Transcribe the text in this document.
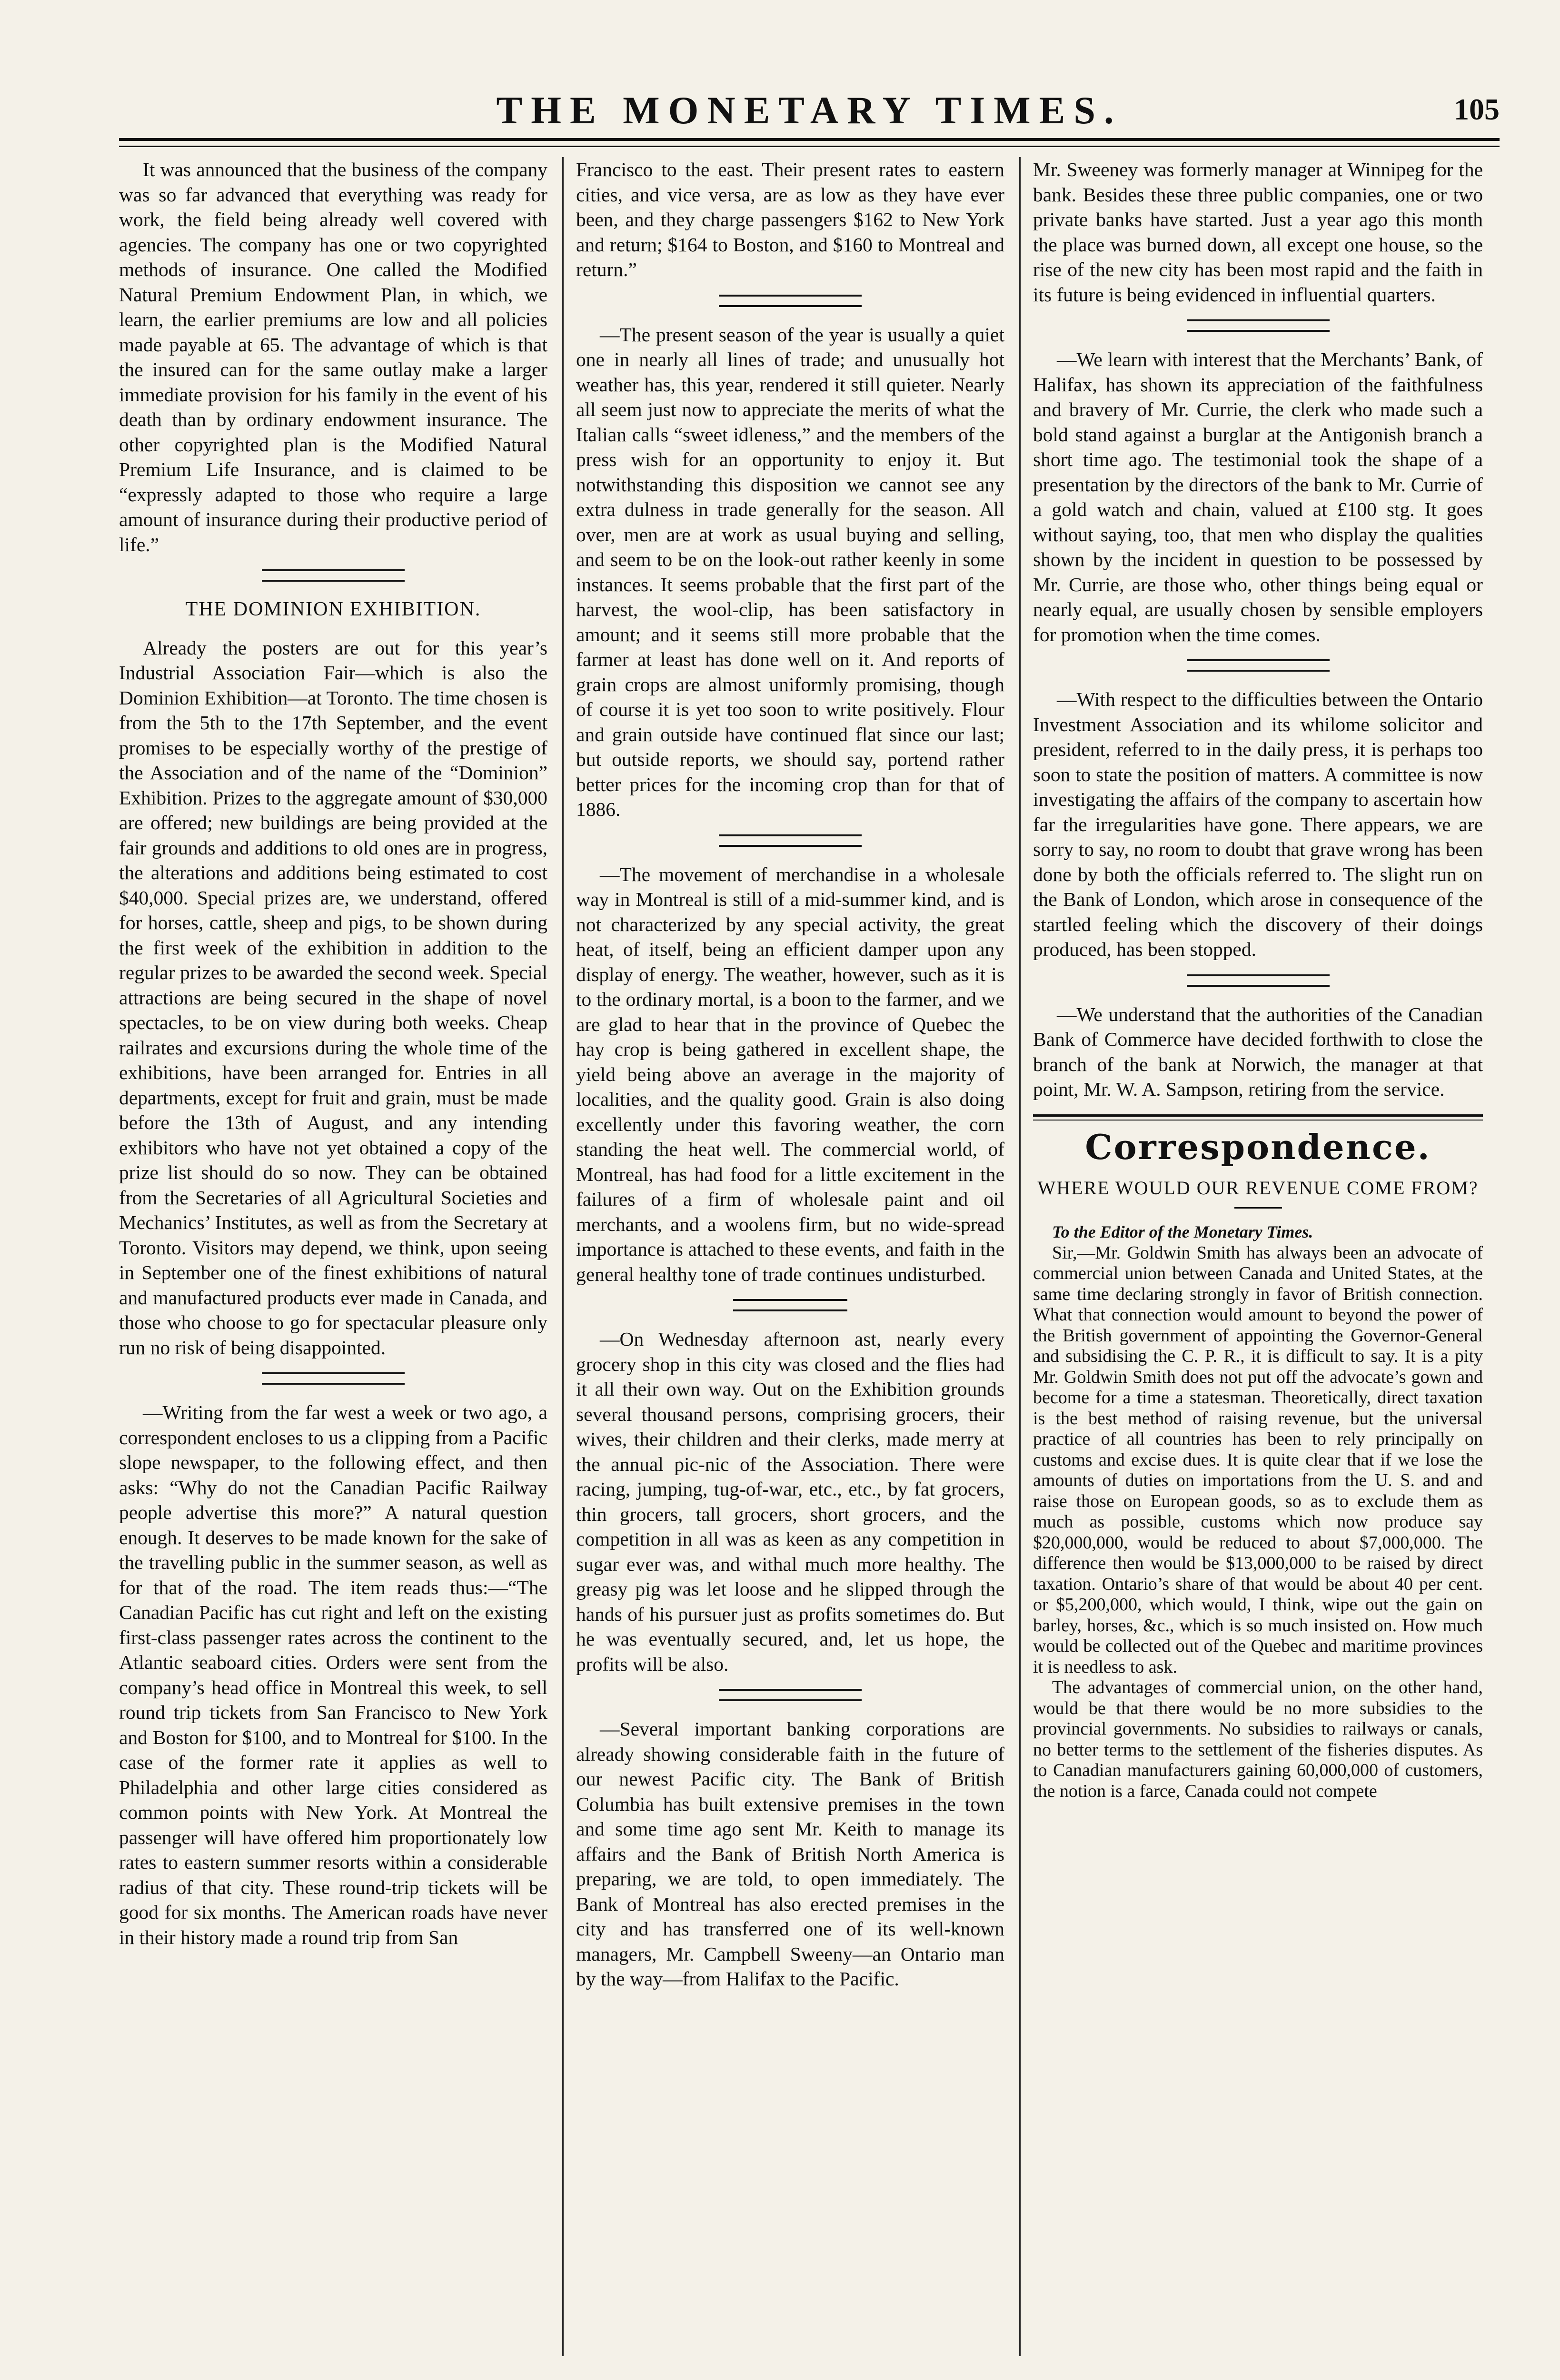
THE MONETARY TIMES.	105

It was announced that the business of the company was so far advanced that everything was ready for work, the field being already well covered with agencies. The company has one or two copyrighted methods of insurance. One called the Modified Natural Premium Endowment Plan, in which, we learn, the earlier premiums are low and all policies made payable at 65. The advantage of which is that the insured can for the same outlay make a larger immediate provision for his family in the event of his death than by ordinary endowment insurance. The other copyrighted plan is the Modified Natural Premium Life Insurance, and is claimed to be “expressly adapted to those who require a large amount of insurance during their productive period of life.”

THE DOMINION EXHIBITION.

Already the posters are out for this year’s Industrial Association Fair—which is also the Dominion Exhibition—at Toronto. The time chosen is from the 5th to the 17th September, and the event promises to be especially worthy of the prestige of the Association and of the name of the “Dominion” Exhibition. Prizes to the aggregate amount of $30,000 are offered; new buildings are being provided at the fair grounds and additions to old ones are in progress, the alterations and additions being estimated to cost $40,000. Special prizes are, we understand, offered for horses, cattle, sheep and pigs, to be shown during the first week of the exhibition in addition to the regular prizes to be awarded the second week. Special attractions are being secured in the shape of novel spectacles, to be on view during both weeks. Cheap railrates and excursions during the whole time of the exhibitions, have been arranged for. Entries in all departments, except for fruit and grain, must be made before the 13th of August, and any intending exhibitors who have not yet obtained a copy of the prize list should do so now. They can be obtained from the Secretaries of all Agricultural Societies and Mechanics’ Institutes, as well as from the Secretary at Toronto. Visitors may depend, we think, upon seeing in September one of the finest exhibitions of natural and manufactured products ever made in Canada, and those who choose to go for spectacular pleasure only run no risk of being disappointed.

—Writing from the far west a week or two ago, a correspondent encloses to us a clipping from a Pacific slope newspaper, to the following effect, and then asks: “Why do not the Canadian Pacific Railway people advertise this more?” A natural question enough. It deserves to be made known for the sake of the travelling public in the summer season, as well as for that of the road. The item reads thus:—“The Canadian Pacific has cut right and left on the existing first-class passenger rates across the continent to the Atlantic seaboard cities. Orders were sent from the company’s head office in Montreal this week, to sell round trip tickets from San Francisco to New York and Boston for $100, and to Montreal for $100. In the case of the former rate it applies as well to Philadelphia and other large cities considered as common points with New York. At Montreal the passenger will have offered him proportionately low rates to eastern summer resorts within a considerable radius of that city. These round-trip tickets will be good for six months. The American roads have never in their history made a round trip from San

Francisco to the east. Their present rates to eastern cities, and vice versa, are as low as they have ever been, and they charge passengers $162 to New York and return; $164 to Boston, and $160 to Montreal and return.”

—The present season of the year is usually a quiet one in nearly all lines of trade; and unusually hot weather has, this year, rendered it still quieter. Nearly all seem just now to appreciate the merits of what the Italian calls “sweet idleness,” and the members of the press wish for an opportunity to enjoy it. But notwithstanding this disposition we cannot see any extra dulness in trade generally for the season. All over, men are at work as usual buying and selling, and seem to be on the look-out rather keenly in some instances. It seems probable that the first part of the harvest, the wool-clip, has been satisfactory in amount; and it seems still more probable that the farmer at least has done well on it. And reports of grain crops are almost uniformly promising, though of course it is yet too soon to write positively. Flour and grain outside have continued flat since our last; but outside reports, we should say, portend rather better prices for the incoming crop than for that of 1886.

—The movement of merchandise in a wholesale way in Montreal is still of a mid-summer kind, and is not characterized by any special activity, the great heat, of itself, being an efficient damper upon any display of energy. The weather, however, such as it is to the ordinary mortal, is a boon to the farmer, and we are glad to hear that in the province of Quebec the hay crop is being gathered in excellent shape, the yield being above an average in the majority of localities, and the quality good. Grain is also doing excellently under this favoring weather, the corn standing the heat well. The commercial world, of Montreal, has had food for a little excitement in the failures of a firm of wholesale paint and oil merchants, and a woolens firm, but no wide-spread importance is attached to these events, and faith in the general healthy tone of trade continues undisturbed.

—On Wednesday afternoon ast, nearly every grocery shop in this city was closed and the flies had it all their own way. Out on the Exhibition grounds several thousand persons, comprising grocers, their wives, their children and their clerks, made merry at the annual pic-nic of the Association. There were racing, jumping, tug-of-war, etc., etc., by fat grocers, thin grocers, tall grocers, short grocers, and the competition in all was as keen as any competition in sugar ever was, and withal much more healthy. The greasy pig was let loose and he slipped through the hands of his pursuer just as profits sometimes do. But he was eventually secured, and, let us hope, the profits will be also.

—Several important banking corporations are already showing considerable faith in the future of our newest Pacific city. The Bank of British Columbia has built extensive premises in the town and some time ago sent Mr. Keith to manage its affairs and the Bank of British North America is preparing, we are told, to open immediately. The Bank of Montreal has also erected premises in the city and has transferred one of its well-known managers, Mr. Campbell Sweeny—an Ontario man by the way—from Halifax to the Pacific.

Mr. Sweeney was formerly manager at Winnipeg for the bank. Besides these three public companies, one or two private banks have started. Just a year ago this month the place was burned down, all except one house, so the rise of the new city has been most rapid and the faith in its future is being evidenced in influential quarters.

—We learn with interest that the Merchants’ Bank, of Halifax, has shown its appreciation of the faithfulness and bravery of Mr. Currie, the clerk who made such a bold stand against a burglar at the Antigonish branch a short time ago. The testimonial took the shape of a presentation by the directors of the bank to Mr. Currie of a gold watch and chain, valued at £100 stg. It goes without saying, too, that men who display the qualities shown by the incident in question to be possessed by Mr. Currie, are those who, other things being equal or nearly equal, are usually chosen by sensible employers for promotion when the time comes.

—With respect to the difficulties between the Ontario Investment Association and its whilome solicitor and president, referred to in the daily press, it is perhaps too soon to state the position of matters. A committee is now investigating the affairs of the company to ascertain how far the irregularities have gone. There appears, we are sorry to say, no room to doubt that grave wrong has been done by both the officials referred to. The slight run on the Bank of London, which arose in consequence of the startled feeling which the discovery of their doings produced, has been stopped.

—We understand that the authorities of the Canadian Bank of Commerce have decided forthwith to close the branch of the bank at Norwich, the manager at that point, Mr. W. A. Sampson, retiring from the service.

Correspondence.
WHERE WOULD OUR REVENUE COME FROM?

To the Editor of the Monetary Times.

Sir,—Mr. Goldwin Smith has always been an advocate of commercial union between Canada and United States, at the same time declaring strongly in favor of British connection. What that connection would amount to beyond the power of the British government of appointing the Governor-General and subsidising the C. P. R., it is difficult to say. It is a pity Mr. Goldwin Smith does not put off the advocate’s gown and become for a time a statesman. Theoretically, direct taxation is the best method of raising revenue, but the universal practice of all countries has been to rely principally on customs and excise dues. It is quite clear that if we lose the amounts of duties on importations from the U. S. and and raise those on European goods, so as to exclude them as much as possible, customs which now produce say $20,000,000, would be reduced to about $7,000,000. The difference then would be $13,000,000 to be raised by direct taxation. Ontario’s share of that would be about 40 per cent. or $5,200,000, which would, I think, wipe out the gain on barley, horses, &c., which is so much insisted on. How much would be collected out of the Quebec and maritime provinces it is needless to ask.

The advantages of commercial union, on the other hand, would be that there would be no more subsidies to the provincial governments. No subsidies to railways or canals, no better terms to the settlement of the fisheries disputes. As to Canadian manufacturers gaining 60,000,000 of customers, the notion is a farce, Canada could not compete
